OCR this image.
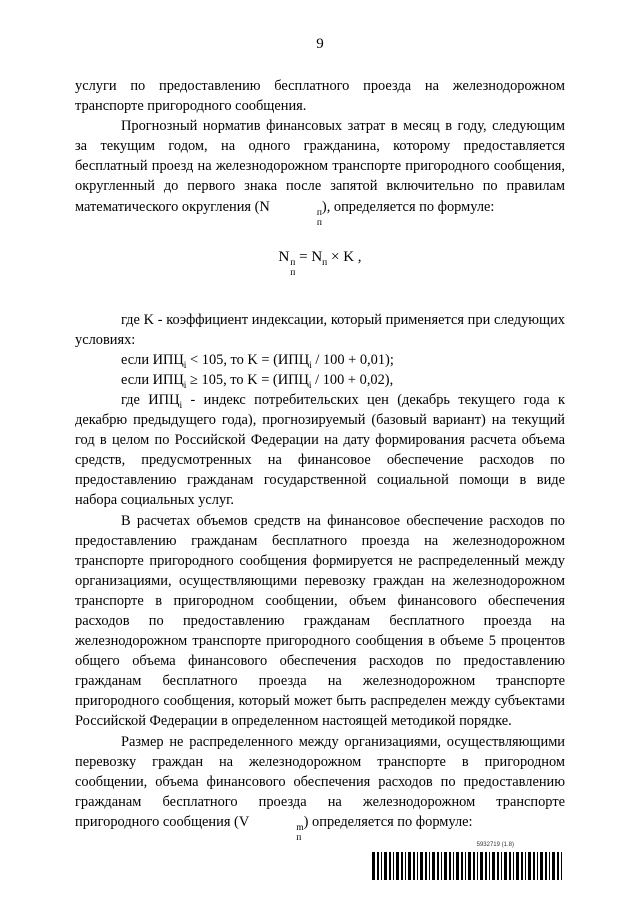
9

услуги по предоставлению бесплатного проезда на железнодорожном транспорте пригородного сообщения.

Прогнозный норматив финансовых затрат в месяц в году, следующим за текущим годом, на одного гражданина, которому предоставляется бесплатный проезд на железнодорожном транспорте пригородного сообщения, округленный до первого знака после запятой включительно по правилам математического округления (N	п
п
), определяется по формуле:

N п
п
= $N_п \times K$ ,

где K - коэффициент индексации, который применяется при следующих условиях:

если $ИПЦ_i < 105$, то $K = (ИПЦ_i / 100 + 0,01)$;
если $ИПЦ_i \ge 105$, то $K = (ИПЦ_i / 100 + 0,02)$,

где $ИПЦ_i$ - индекс потребительских цен (декабрь текущего года к декабрю предыдущего года), прогнозируемый (базовый вариант) на текущий год в целом по Российской Федерации на дату формирования расчета объема средств, предусмотренных на финансовое обеспечение расходов по предоставлению гражданам государственной социальной помощи в виде набора социальных услуг.

В расчетах объемов средств на финансовое обеспечение расходов по предоставлению гражданам бесплатного проезда на железнодорожном транспорте пригородного сообщения формируется не распределенный между организациями, осуществляющими перевозку граждан на железнодорожном транспорте в пригородном сообщении, объем финансового обеспечения расходов по предоставлению гражданам бесплатного проезда на железнодорожном транспорте пригородного сообщения в объеме 5 процентов общего объема финансового обеспечения расходов по предоставлению гражданам бесплатного проезда на железнодорожном транспорте пригородного сообщения, который может быть распределен между субъектами Российской Федерации в определенном настоящей методикой порядке.

Размер не распределенного между организациями, осуществляющими перевозку граждан на железнодорожном транспорте в пригородном сообщении, объема финансового обеспечения расходов по предоставлению гражданам бесплатного проезда на железнодорожном транспорте пригородного сообщения (V	m
п
) определяется по формуле:

5932719 (1.8)
